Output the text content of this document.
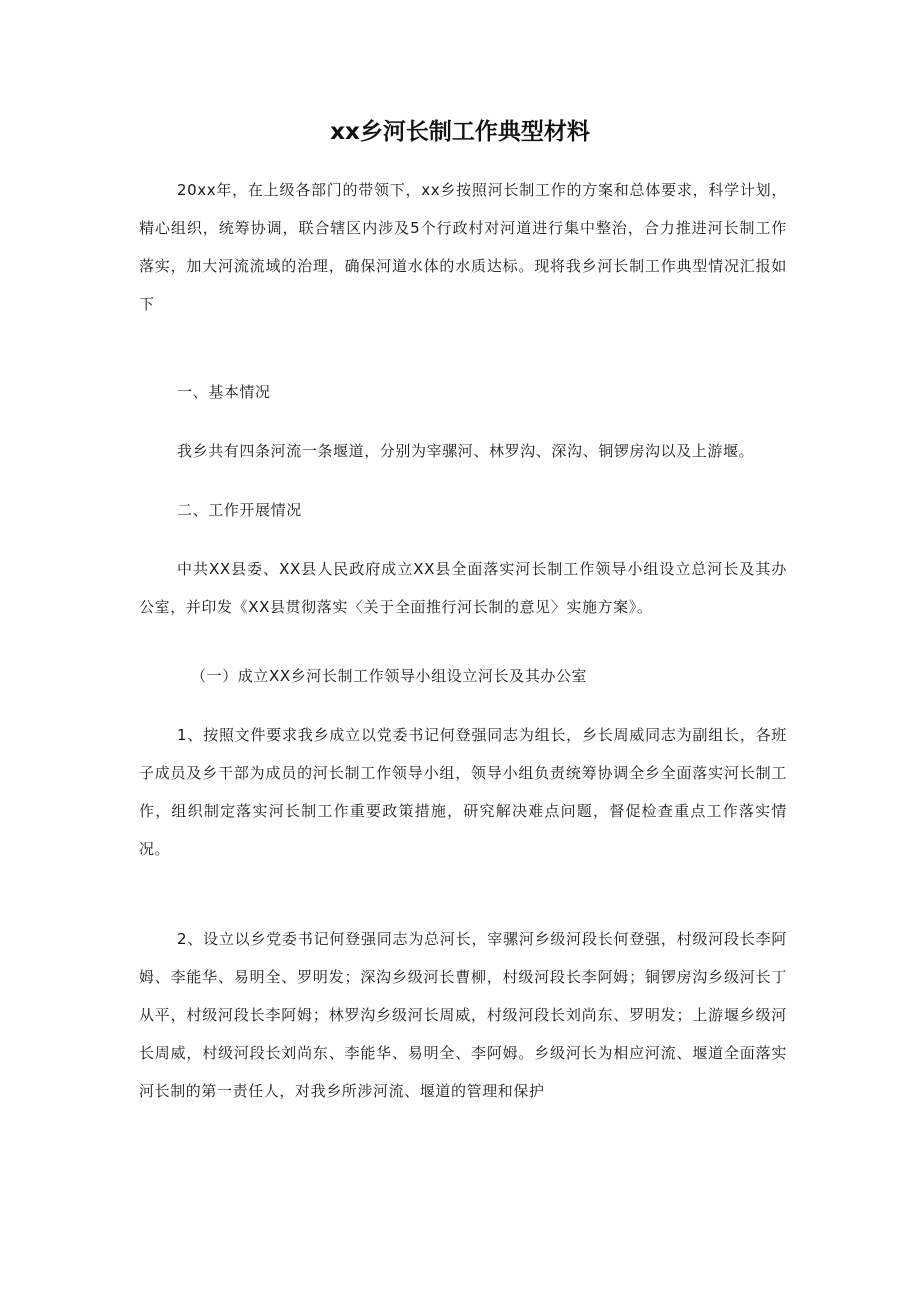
xx乡河长制工作典型材料

20xx年，在上级各部门的带领下，xx乡按照河长制工作的方案和总体要求，科学计划，精心组织，统筹协调，联合辖区内涉及5个行政村对河道进行集中整治，合力推进河长制工作落实，加大河流流域的治理，确保河道水体的水质达标。现将我乡河长制工作典型情况汇报如下

一、基本情况

我乡共有四条河流一条堰道，分别为宰骡河、林罗沟、深沟、铜锣房沟以及上游堰。

二、工作开展情况

中共XX县委、XX县人民政府成立XX县全面落实河长制工作领导小组设立总河长及其办公室，并印发《XX县贯彻落实〈关于全面推行河长制的意见〉实施方案》。

（一）成立XX乡河长制工作领导小组设立河长及其办公室

1、按照文件要求我乡成立以党委书记何登强同志为组长，乡长周威同志为副组长，各班子成员及乡干部为成员的河长制工作领导小组，领导小组负责统筹协调全乡全面落实河长制工作，组织制定落实河长制工作重要政策措施，研究解决难点问题，督促检查重点工作落实情况。

2、设立以乡党委书记何登强同志为总河长，宰骡河乡级河段长何登强，村级河段长李阿姆、李能华、易明全、罗明发；深沟乡级河长曹柳，村级河段长李阿姆；铜锣房沟乡级河长丁从平，村级河段长李阿姆；林罗沟乡级河长周威，村级河段长刘尚东、罗明发；上游堰乡级河长周威，村级河段长刘尚东、李能华、易明全、李阿姆。乡级河长为相应河流、堰道全面落实河长制的第一责任人，对我乡所涉河流、堰道的管理和保护
